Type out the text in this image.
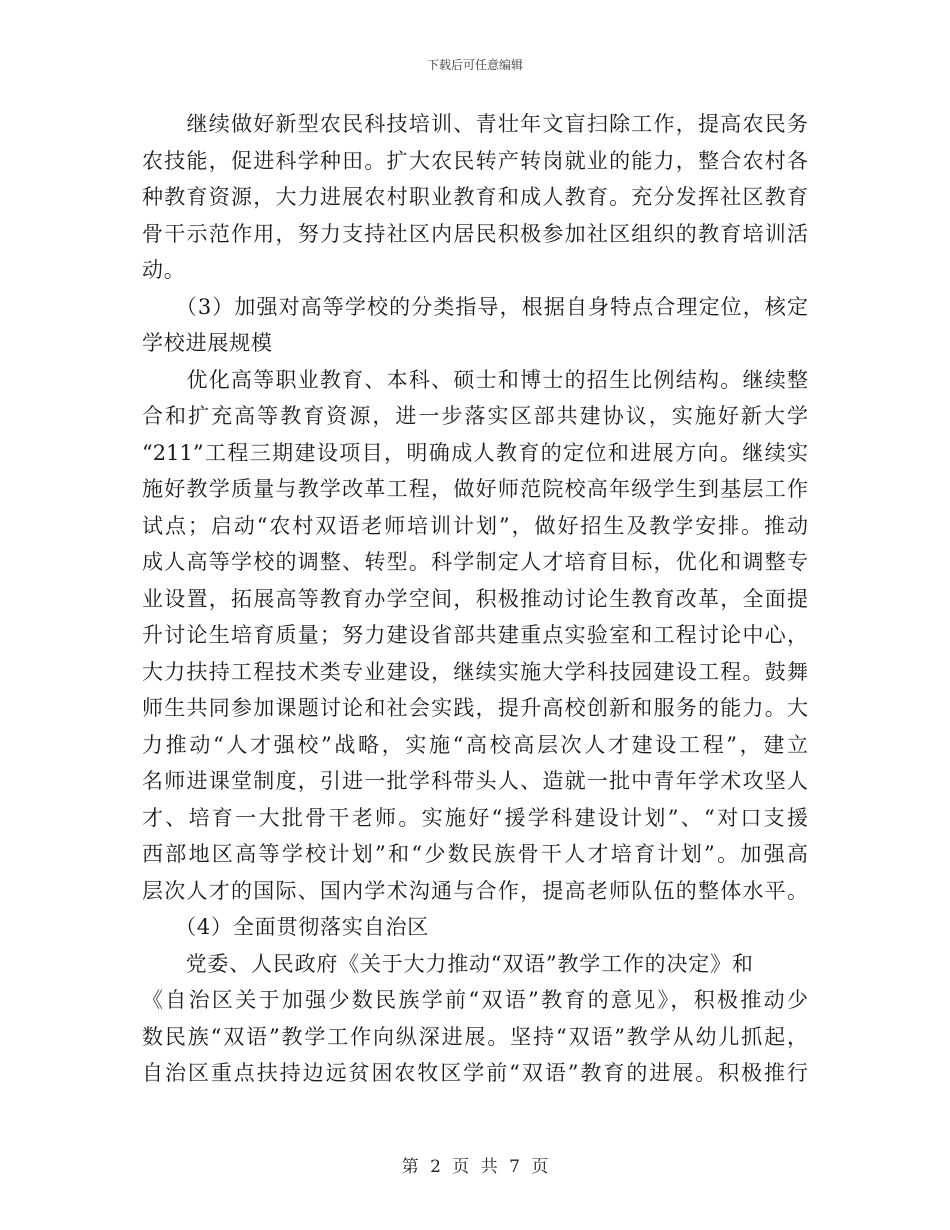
下载后可任意编辑
　　继续做好新型农民科技培训、青壮年文盲扫除工作，提高农民务
农技能，促进科学种田。扩大农民转产转岗就业的能力，整合农村各
种教育资源，大力进展农村职业教育和成人教育。充分发挥社区教育
骨干示范作用，努力支持社区内居民积极参加社区组织的教育培训活
动。
　　（3）加强对高等学校的分类指导，根据自身特点合理定位，核定
学校进展规模
　　优化高等职业教育、本科、硕士和博士的招生比例结构。继续整
合和扩充高等教育资源，进一步落实区部共建协议，实施好新大学
“211”工程三期建设项目，明确成人教育的定位和进展方向。继续实
施好教学质量与教学改革工程，做好师范院校高年级学生到基层工作
试点；启动“农村双语老师培训计划”，做好招生及教学安排。推动
成人高等学校的调整、转型。科学制定人才培育目标，优化和调整专
业设置，拓展高等教育办学空间，积极推动讨论生教育改革，全面提
升讨论生培育质量；努力建设省部共建重点实验室和工程讨论中心，
大力扶持工程技术类专业建设，继续实施大学科技园建设工程。鼓舞
师生共同参加课题讨论和社会实践，提升高校创新和服务的能力。大
力推动“人才强校”战略，实施“高校高层次人才建设工程”，建立
名师进课堂制度，引进一批学科带头人、造就一批中青年学术攻坚人
才、培育一大批骨干老师。实施好“援学科建设计划”、“对口支援
西部地区高等学校计划”和“少数民族骨干人才培育计划”。加强高
层次人才的国际、国内学术沟通与合作，提高老师队伍的整体水平。
　　（4）全面贯彻落实自治区
　　党委、人民政府《关于大力推动“双语”教学工作的决定》和
《自治区关于加强少数民族学前“双语”教育的意见》，积极推动少
数民族“双语”教学工作向纵深进展。坚持“双语”教学从幼儿抓起，
自治区重点扶持边远贫困农牧区学前“双语”教育的进展。积极推行
第 2 页 共 7 页
